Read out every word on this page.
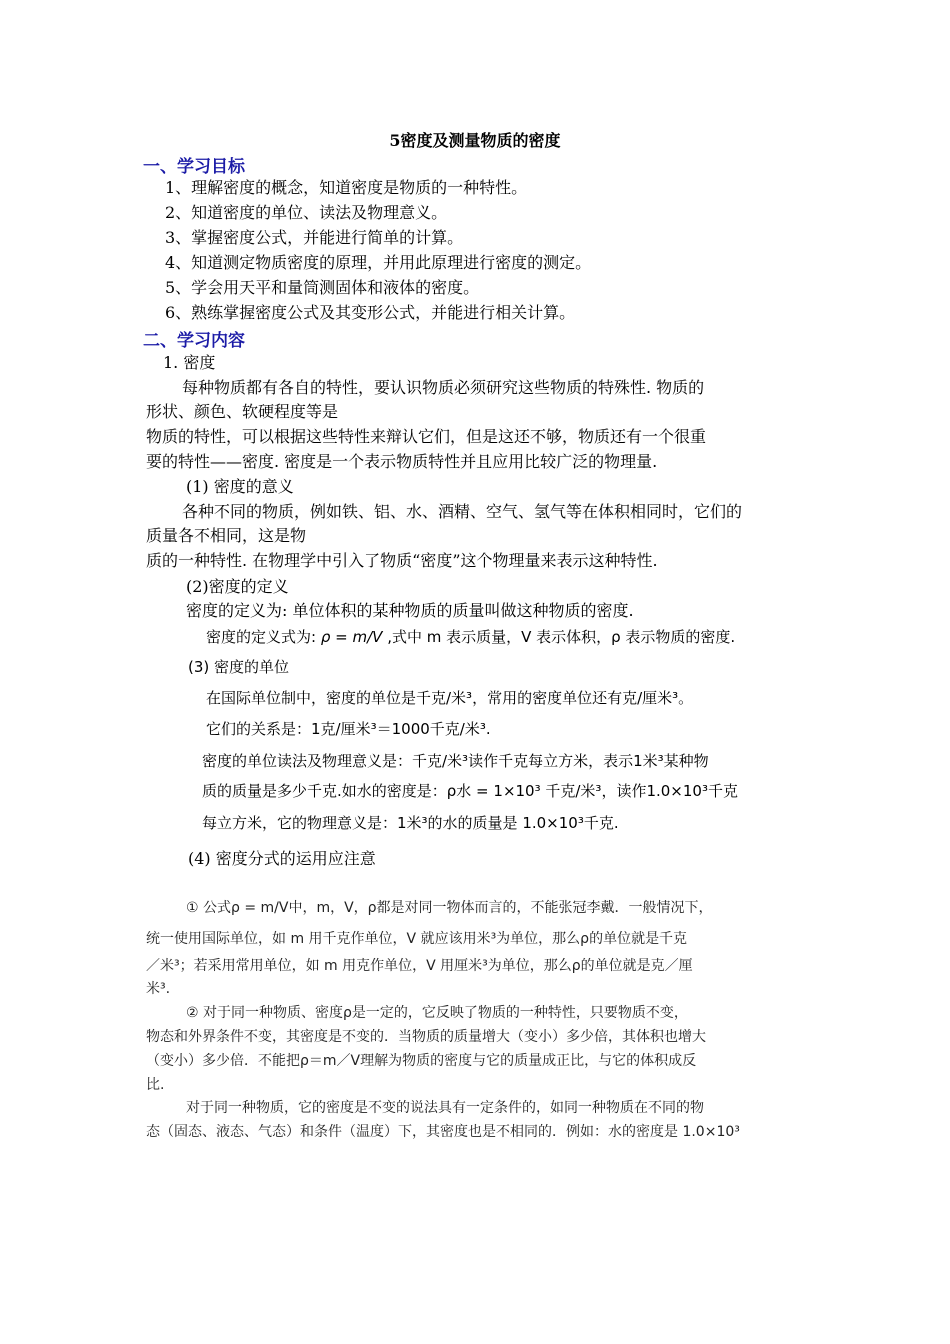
5密度及测量物质的密度
一、学习目标
1、理解密度的概念，知道密度是物质的一种特性。
2、知道密度的单位、读法及物理意义。
3、掌握密度公式，并能进行简单的计算。
4、知道测定物质密度的原理，并用此原理进行密度的测定。
5、学会用天平和量筒测固体和液体的密度。
6、熟练掌握密度公式及其变形公式，并能进行相关计算。
二、学习内容
1. 密度
每种物质都有各自的特性，要认识物质必须研究这些物质的特殊性. 物质的
形状、颜色、软硬程度等是
物质的特性，可以根据这些特性来辩认它们，但是这还不够，物质还有一个很重
要的特性——密度. 密度是一个表示物质特性并且应用比较广泛的物理量.
(1) 密度的意义
各种不同的物质，例如铁、铝、水、酒精、空气、氢气等在体积相同时，它们的
质量各不相同，这是物
质的一种特性. 在物理学中引入了物质“密度”这个物理量来表示这种特性.
(2)密度的定义
密度的定义为: 单位体积的某种物质的质量叫做这种物质的密度.
密度的定义式为: ρ = m/V ,式中 m 表示质量，V 表示体积，ρ 表示物质的密度.
(3) 密度的单位
在国际单位制中，密度的单位是千克/米³，常用的密度单位还有克/厘米³。
它们的关系是：1克/厘米³＝1000千克/米³.
密度的单位读法及物理意义是：千克/米³读作千克每立方米，表示1米³某种物
质的质量是多少千克.如水的密度是：ρ水 = 1×10³ 千克/米³，读作1.0×10³千克
每立方米，它的物理意义是：1米³的水的质量是 1.0×10³千克.
(4) 密度分式的运用应注意
① 公式ρ = m/V中，m，V，ρ都是对同一物体而言的，不能张冠李戴．一般情况下，
统一使用国际单位，如 m 用千克作单位，V 就应该用米³为单位，那么ρ的单位就是千克
／米³；若采用常用单位，如 m 用克作单位，V 用厘米³为单位，那么ρ的单位就是克／厘
米³.
② 对于同一种物质、密度ρ是一定的，它反映了物质的一种特性，只要物质不变，
物态和外界条件不变，其密度是不变的．当物质的质量增大（变小）多少倍，其体积也增大
（变小）多少倍．不能把ρ＝m／V理解为物质的密度与它的质量成正比，与它的体积成反
比.
对于同一种物质，它的密度是不变的说法具有一定条件的，如同一种物质在不同的物
态（固态、液态、气态）和条件（温度）下，其密度也是不相同的．例如：水的密度是 1.0×10³
